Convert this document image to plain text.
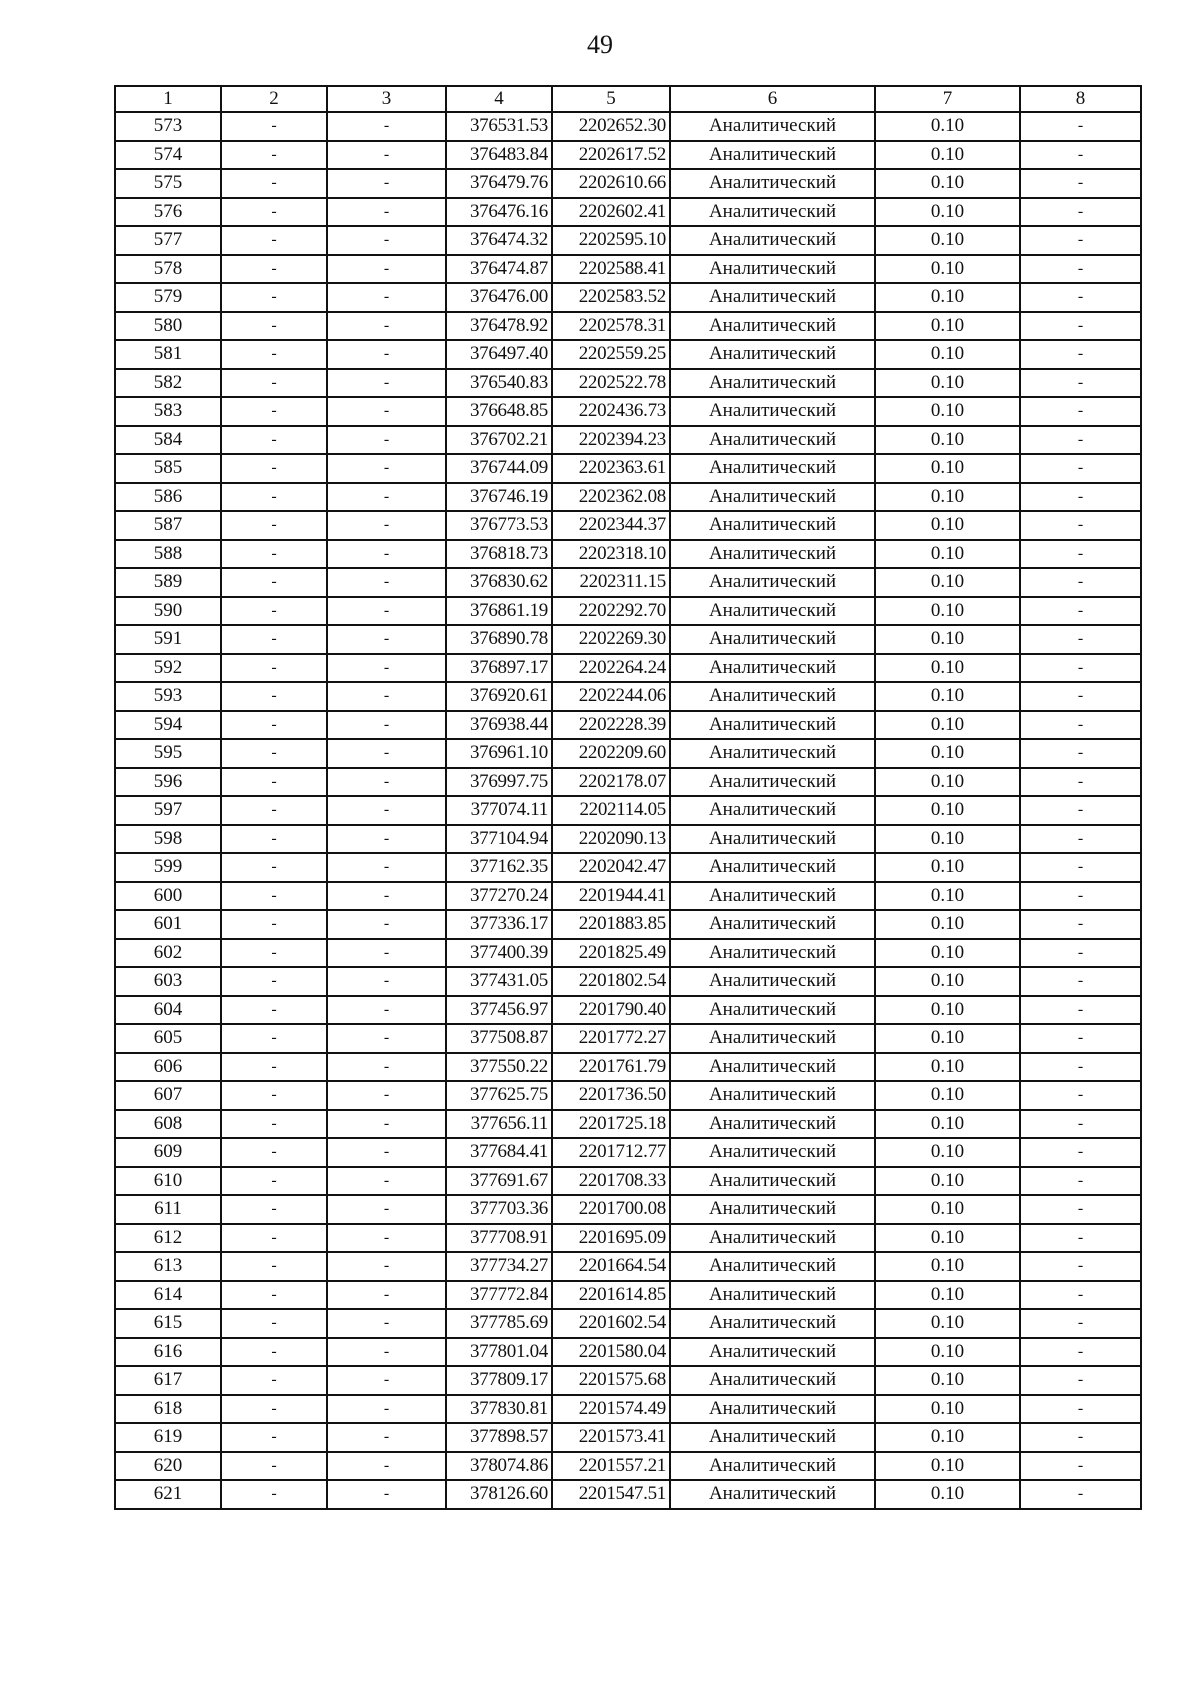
49
1	2	3	4	5	6	7	8
573	-	-	376531.53	2202652.30	Аналитический	0.10	-
574	-	-	376483.84	2202617.52	Аналитический	0.10	-
575	-	-	376479.76	2202610.66	Аналитический	0.10	-
576	-	-	376476.16	2202602.41	Аналитический	0.10	-
577	-	-	376474.32	2202595.10	Аналитический	0.10	-
578	-	-	376474.87	2202588.41	Аналитический	0.10	-
579	-	-	376476.00	2202583.52	Аналитический	0.10	-
580	-	-	376478.92	2202578.31	Аналитический	0.10	-
581	-	-	376497.40	2202559.25	Аналитический	0.10	-
582	-	-	376540.83	2202522.78	Аналитический	0.10	-
583	-	-	376648.85	2202436.73	Аналитический	0.10	-
584	-	-	376702.21	2202394.23	Аналитический	0.10	-
585	-	-	376744.09	2202363.61	Аналитический	0.10	-
586	-	-	376746.19	2202362.08	Аналитический	0.10	-
587	-	-	376773.53	2202344.37	Аналитический	0.10	-
588	-	-	376818.73	2202318.10	Аналитический	0.10	-
589	-	-	376830.62	2202311.15	Аналитический	0.10	-
590	-	-	376861.19	2202292.70	Аналитический	0.10	-
591	-	-	376890.78	2202269.30	Аналитический	0.10	-
592	-	-	376897.17	2202264.24	Аналитический	0.10	-
593	-	-	376920.61	2202244.06	Аналитический	0.10	-
594	-	-	376938.44	2202228.39	Аналитический	0.10	-
595	-	-	376961.10	2202209.60	Аналитический	0.10	-
596	-	-	376997.75	2202178.07	Аналитический	0.10	-
597	-	-	377074.11	2202114.05	Аналитический	0.10	-
598	-	-	377104.94	2202090.13	Аналитический	0.10	-
599	-	-	377162.35	2202042.47	Аналитический	0.10	-
600	-	-	377270.24	2201944.41	Аналитический	0.10	-
601	-	-	377336.17	2201883.85	Аналитический	0.10	-
602	-	-	377400.39	2201825.49	Аналитический	0.10	-
603	-	-	377431.05	2201802.54	Аналитический	0.10	-
604	-	-	377456.97	2201790.40	Аналитический	0.10	-
605	-	-	377508.87	2201772.27	Аналитический	0.10	-
606	-	-	377550.22	2201761.79	Аналитический	0.10	-
607	-	-	377625.75	2201736.50	Аналитический	0.10	-
608	-	-	377656.11	2201725.18	Аналитический	0.10	-
609	-	-	377684.41	2201712.77	Аналитический	0.10	-
610	-	-	377691.67	2201708.33	Аналитический	0.10	-
611	-	-	377703.36	2201700.08	Аналитический	0.10	-
612	-	-	377708.91	2201695.09	Аналитический	0.10	-
613	-	-	377734.27	2201664.54	Аналитический	0.10	-
614	-	-	377772.84	2201614.85	Аналитический	0.10	-
615	-	-	377785.69	2201602.54	Аналитический	0.10	-
616	-	-	377801.04	2201580.04	Аналитический	0.10	-
617	-	-	377809.17	2201575.68	Аналитический	0.10	-
618	-	-	377830.81	2201574.49	Аналитический	0.10	-
619	-	-	377898.57	2201573.41	Аналитический	0.10	-
620	-	-	378074.86	2201557.21	Аналитический	0.10	-
621	-	-	378126.60	2201547.51	Аналитический	0.10	-
